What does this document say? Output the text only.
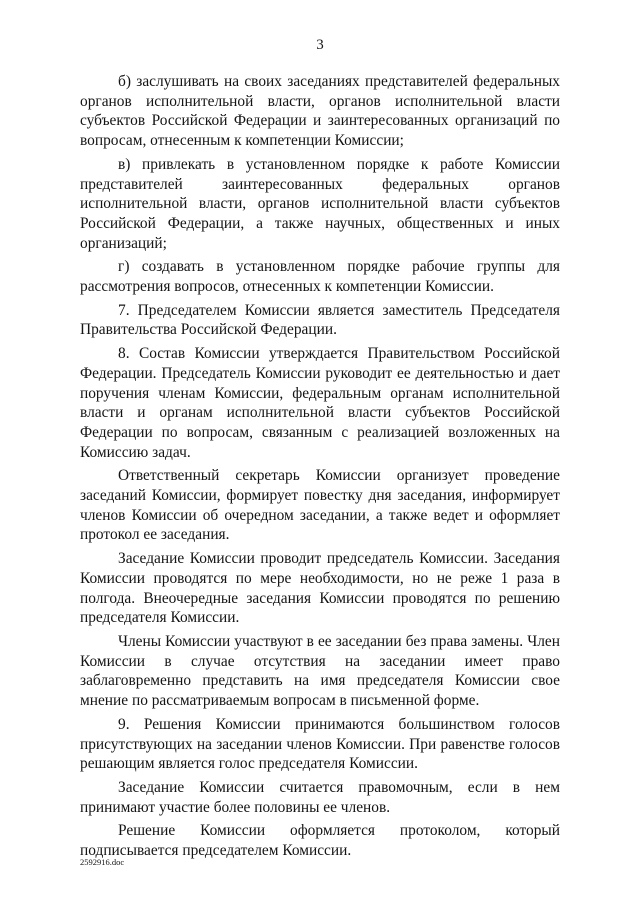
3

б) заслушивать на своих заседаниях представителей федеральных органов исполнительной власти, органов исполнительной власти субъектов Российской Федерации и заинтересованных организаций по вопросам, отнесенным к компетенции Комиссии;

в) привлекать в установленном порядке к работе Комиссии представителей заинтересованных федеральных органов исполнительной власти, органов исполнительной власти субъектов Российской Федерации, а также научных, общественных и иных организаций;

г) создавать в установленном порядке рабочие группы для рассмотрения вопросов, отнесенных к компетенции Комиссии.

7. Председателем Комиссии является заместитель Председателя Правительства Российской Федерации.

8. Состав Комиссии утверждается Правительством Российской Федерации. Председатель Комиссии руководит ее деятельностью и дает поручения членам Комиссии, федеральным органам исполнительной власти и органам исполнительной власти субъектов Российской Федерации по вопросам, связанным с реализацией возложенных на Комиссию задач.

Ответственный секретарь Комиссии организует проведение заседаний Комиссии, формирует повестку дня заседания, информирует членов Комиссии об очередном заседании, а также ведет и оформляет протокол ее заседания.

Заседание Комиссии проводит председатель Комиссии. Заседания Комиссии проводятся по мере необходимости, но не реже 1 раза в полгода. Внеочередные заседания Комиссии проводятся по решению председателя Комиссии.

Члены Комиссии участвуют в ее заседании без права замены. Член Комиссии в случае отсутствия на заседании имеет право заблаговременно представить на имя председателя Комиссии свое мнение по рассматриваемым вопросам в письменной форме.

9. Решения Комиссии принимаются большинством голосов присутствующих на заседании членов Комиссии. При равенстве голосов решающим является голос председателя Комиссии.

Заседание Комиссии считается правомочным, если в нем принимают участие более половины ее членов.

Решение Комиссии оформляется протоколом, который подписывается председателем Комиссии.

2592916.doc
